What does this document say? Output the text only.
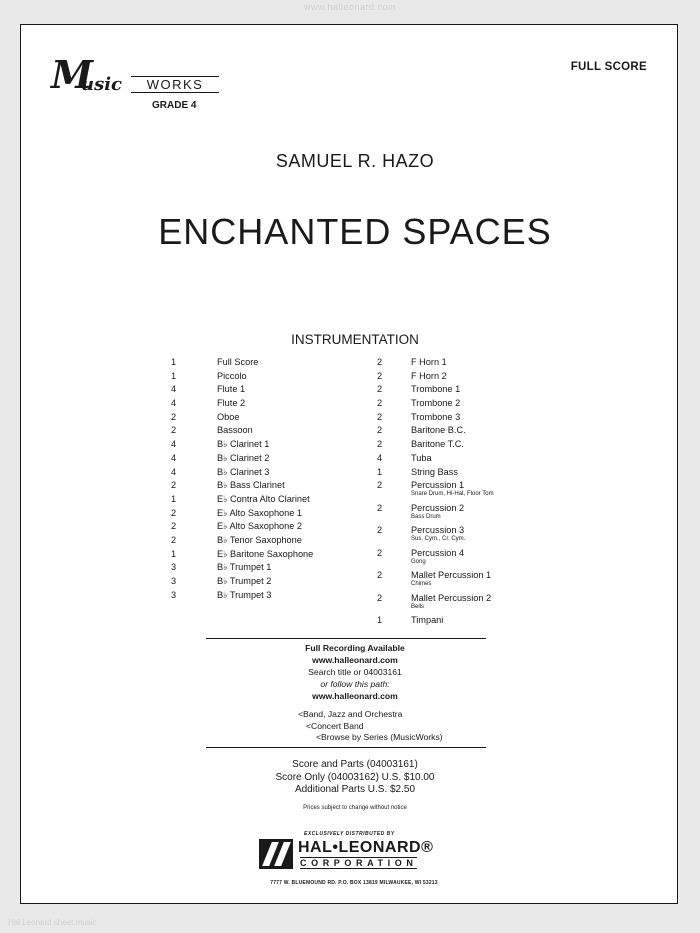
www.halleonard.com
M
usic	WORKS
GRADE 4
FULL SCORE
SAMUEL R. HAZO
ENCHANTED SPACES
INSTRUMENTATION
1	Full Score
1	Piccolo
4	Flute 1
4	Flute 2
2	Oboe
2	Bassoon
4	B♭ Clarinet 1
4	B♭ Clarinet 2
4	B♭ Clarinet 3
2	B♭ Bass Clarinet
1	E♭ Contra Alto Clarinet
2	E♭ Alto Saxophone 1
2	E♭ Alto Saxophone 2
2	B♭ Tenor Saxophone
1	E♭ Baritone Saxophone
3	B♭ Trumpet 1
3	B♭ Trumpet 2
3	B♭ Trumpet 3
2	F Horn 1
2	F Horn 2
2	Trombone 1
2	Trombone 2
2	Trombone 3
2	Baritone B.C.
2	Baritone T.C.
4	Tuba
1	String Bass
2	Percussion 1
Snare Drum, Hi-Hat, Floor Tom
2	Percussion 2
Bass Drum
2	Percussion 3
Sus. Cym., Cr. Cym.
2	Percussion 4
Gong
2	Mallet Percussion 1
Chimes
2	Mallet Percussion 2
Bells
1	Timpani
Full Recording Available
www.halleonard.com
Search title or 04003161
or follow this path:
www.halleonard.com
<Band, Jazz and Orchestra
<Concert Band
<Browse by Series (MusicWorks)
Score and Parts (04003161)
Score Only (04003162) U.S. $10.00
Additional Parts U.S. $2.50
Prices subject to change without notice
EXCLUSIVELY DISTRIBUTED BY
HAL•LEONARD®
CORPORATION
7777 W. BLUEMOUND RD. P.O. BOX 13819 MILWAUKEE, WI 53213
Hal Leonard sheet music
